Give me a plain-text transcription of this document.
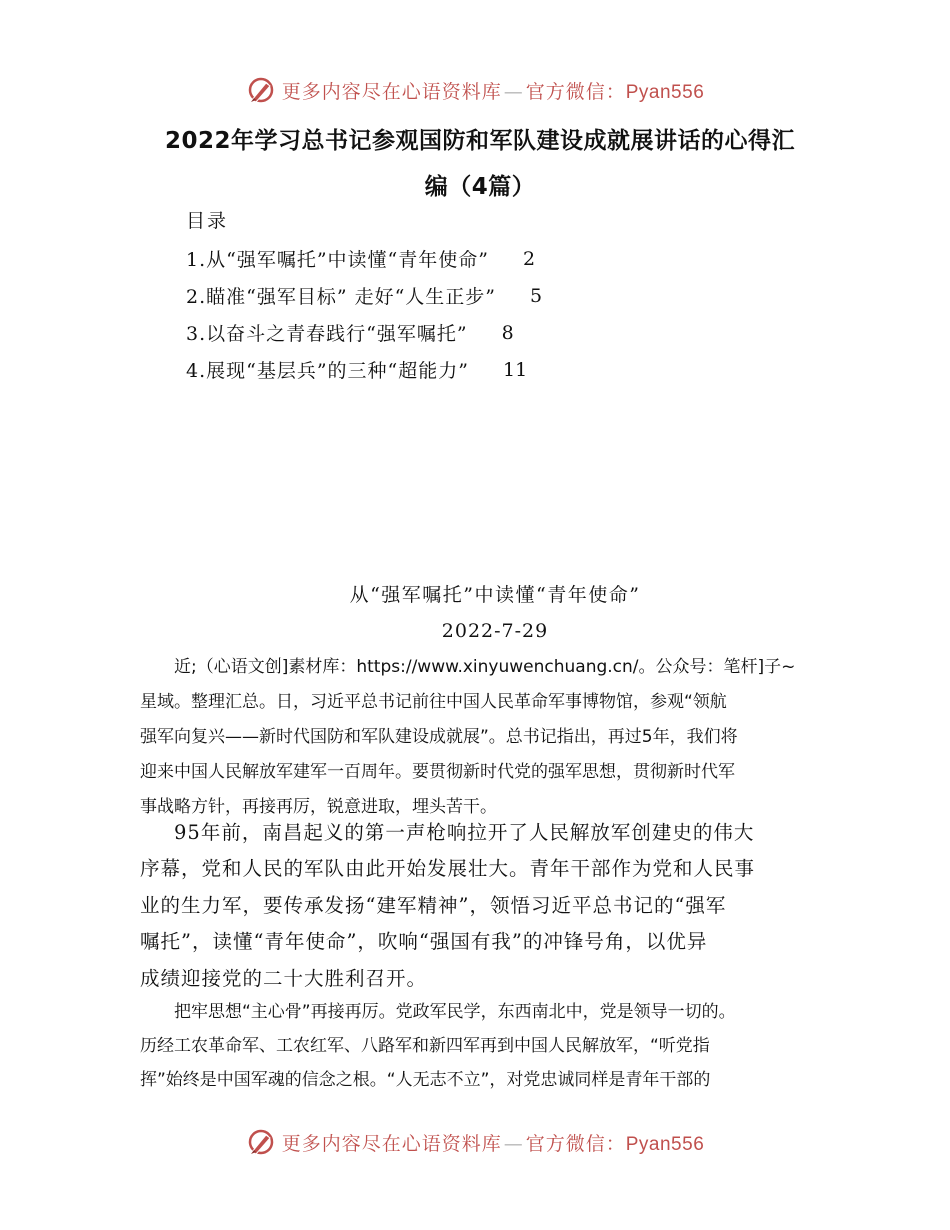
更多内容尽在心语资料库 — 官方微信：Pyan556
2022年学习总书记参观国防和军队建设成就展讲话的心得汇
编（4篇）
目录
1.从“强军嘱托”中读懂“青年使命” 2
2.瞄准“强军目标” 走好“人生正步” 5
3.以奋斗之青春践行“强军嘱托” 8
4.展现“基层兵”的三种“超能力” 11
从“强军嘱托”中读懂“青年使命”
2022-7-29
近;（心语文创]素材库：https://www.xinyuwenchuang.cn/。公众号：笔杆]子~
星域。整理汇总。日，习近平总书记前往中国人民革命军事博物馆，参观“领航
强军向复兴——新时代国防和军队建设成就展”。总书记指出，再过5年，我们将
迎来中国人民解放军建军一百周年。要贯彻新时代党的强军思想，贯彻新时代军
事战略方针，再接再厉，锐意进取，埋头苦干。
95年前，南昌起义的第一声枪响拉开了人民解放军创建史的伟大
序幕，党和人民的军队由此开始发展壮大。青年干部作为党和人民事
业的生力军，要传承发扬“建军精神”，领悟习近平总书记的“强军
嘱托”，读懂“青年使命”，吹响“强国有我”的冲锋号角，以优异
成绩迎接党的二十大胜利召开。
把牢思想“主心骨”再接再厉。党政军民学，东西南北中，党是领导一切的。
历经工农革命军、工农红军、八路军和新四军再到中国人民解放军，“听党指
挥”始终是中国军魂的信念之根。“人无志不立”，对党忠诚同样是青年干部的
更多内容尽在心语资料库 — 官方微信：Pyan556
